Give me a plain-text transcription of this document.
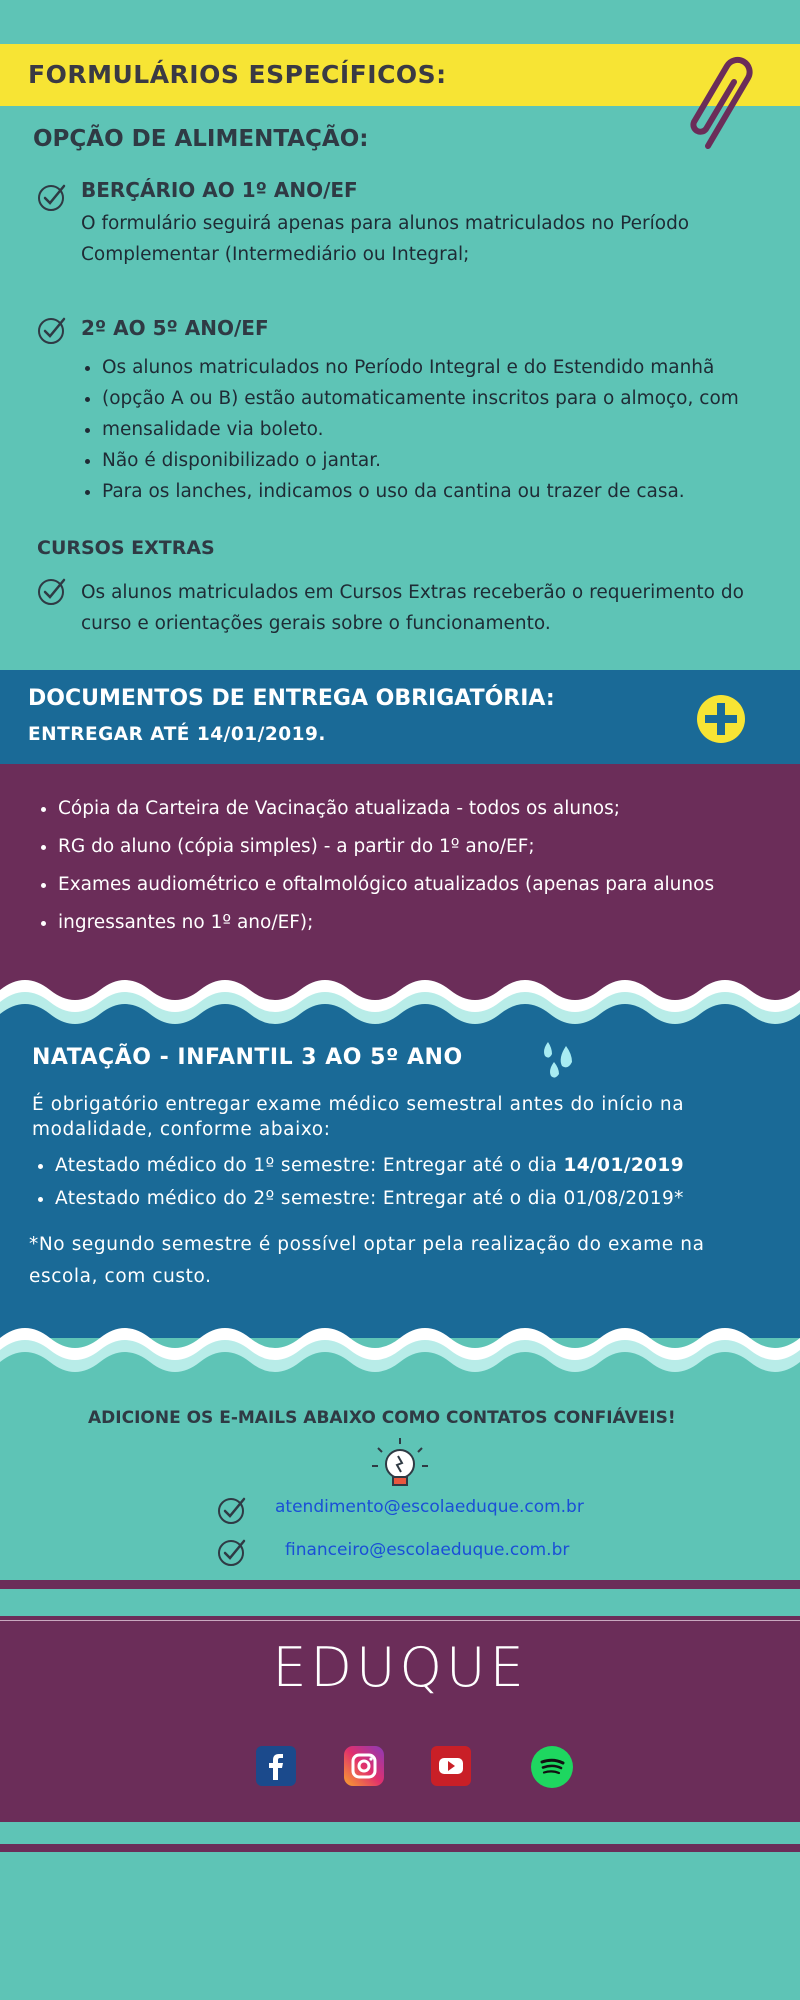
FORMULÁRIOS ESPECÍFICOS:
OPÇÃO DE ALIMENTAÇÃO:
BERÇÁRIO AO 1º ANO/EF
O formulário seguirá apenas para alunos matriculados no Período
Complementar (Intermediário ou Integral;
2º AO 5º ANO/EF
• Os alunos matriculados no Período Integral e do Estendido manhã
• (opção A ou B) estão automaticamente inscritos para o almoço, com
• mensalidade via boleto.
• Não é disponibilizado o jantar.
• Para os lanches, indicamos o uso da cantina ou trazer de casa.
CURSOS EXTRAS
Os alunos matriculados em Cursos Extras receberão o requerimento do
curso e orientações gerais sobre o funcionamento.
DOCUMENTOS DE ENTREGA OBRIGATÓRIA:
ENTREGAR ATÉ 14/01/2019.
• Cópia da Carteira de Vacinação atualizada - todos os alunos;
• RG do aluno (cópia simples) - a partir do 1º ano/EF;
• Exames audiométrico e oftalmológico atualizados (apenas para alunos
• ingressantes no 1º ano/EF);
NATAÇÃO - INFANTIL 3 AO 5º ANO
É obrigatório entregar exame médico semestral antes do início na
modalidade, conforme abaixo:
• Atestado médico do 1º semestre: Entregar até o dia 14/01/2019
• Atestado médico do 2º semestre: Entregar até o dia 01/08/2019*
*No segundo semestre é possível optar pela realização do exame na
escola, com custo.
ADICIONE OS E-MAILS ABAIXO COMO CONTATOS CONFIÁVEIS!
atendimento@escolaeduque.com.br
financeiro@escolaeduque.com.br
EDUQUE
